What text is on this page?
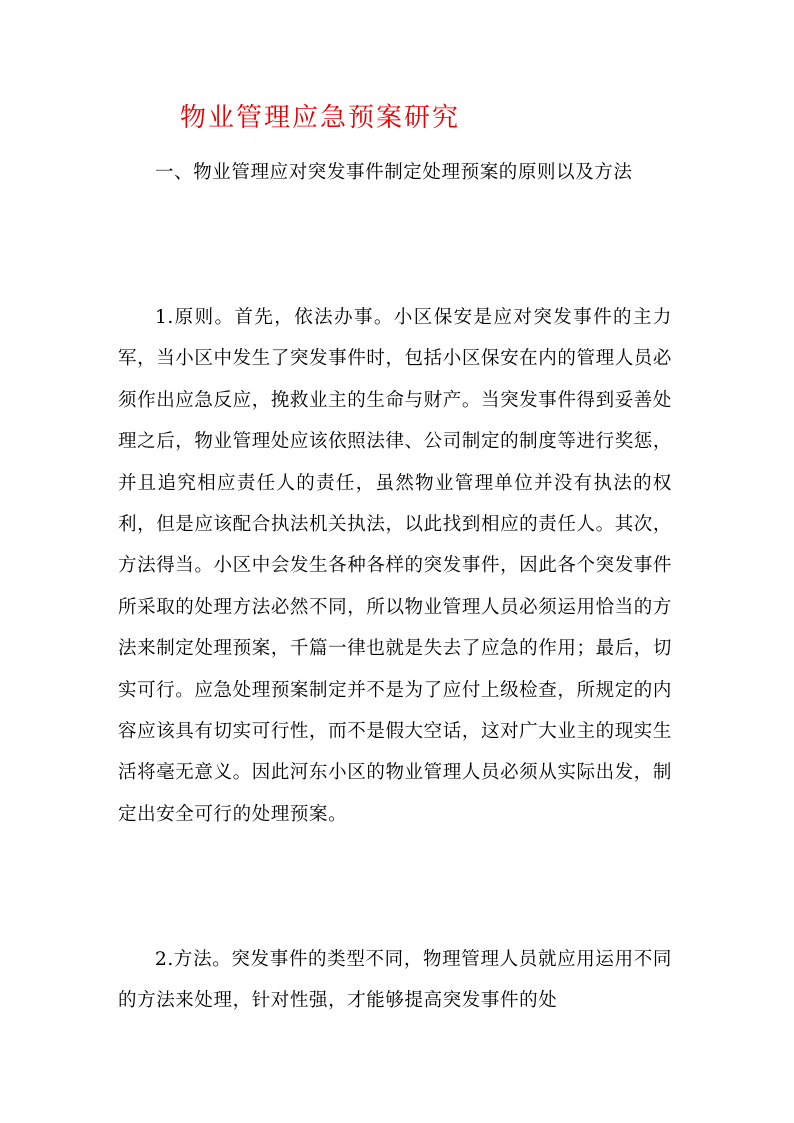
物业管理应急预案研究

一、物业管理应对突发事件制定处理预案的原则以及方法

1.原则。首先，依法办事。小区保安是应对突发事件的主力军，当小区中发生了突发事件时，包括小区保安在内的管理人员必须作出应急反应，挽救业主的生命与财产。当突发事件得到妥善处理之后，物业管理处应该依照法律、公司制定的制度等进行奖惩，并且追究相应责任人的责任，虽然物业管理单位并没有执法的权利，但是应该配合执法机关执法，以此找到相应的责任人。其次，方法得当。小区中会发生各种各样的突发事件，因此各个突发事件所采取的处理方法必然不同，所以物业管理人员必须运用恰当的方法来制定处理预案，千篇一律也就是失去了应急的作用；最后，切实可行。应急处理预案制定并不是为了应付上级检查，所规定的内容应该具有切实可行性，而不是假大空话，这对广大业主的现实生活将毫无意义。因此河东小区的物业管理人员必须从实际出发，制定出安全可行的处理预案。

2.方法。突发事件的类型不同，物理管理人员就应用运用不同的方法来处理，针对性强，才能够提高突发事件的处
